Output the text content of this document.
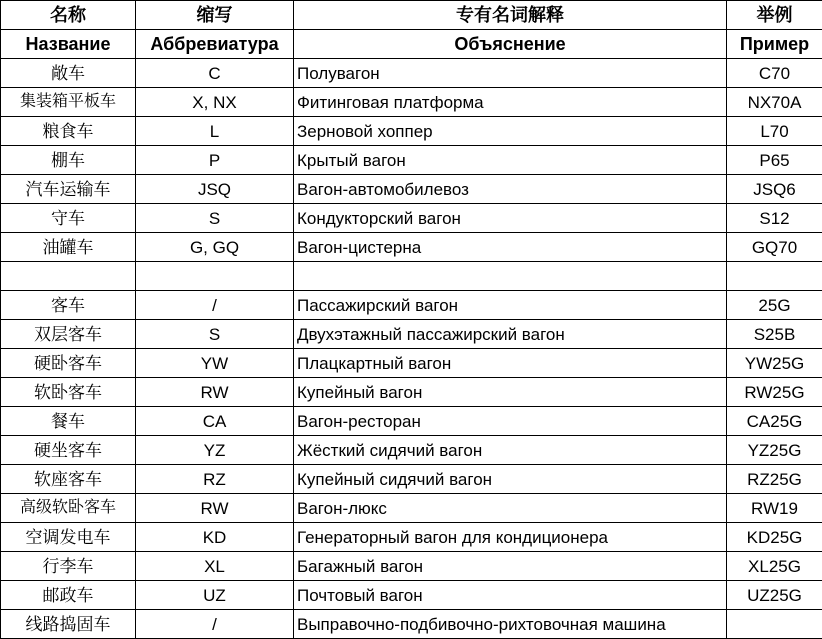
名称	缩写	专有名词解释	举例
Название	Аббревиатура	Объяснение	Пример
敞车	C	Полувагон	C70
集装箱平板车	X, NX	Фитинговая платформа	NX70A
粮食车	L	Зерновой хоппер	L70
棚车	P	Крытый вагон	P65
汽车运输车	JSQ	Вагон-автомобилевоз	JSQ6
守车	S	Кондукторский вагон	S12
油罐车	G, GQ	Вагон-цистерна	GQ70

客车	/	Пассажирский вагон	25G
双层客车	S	Двухэтажный пассажирский вагон	S25B
硬卧客车	YW	Плацкартный вагон	YW25G
软卧客车	RW	Купейный вагон	RW25G
餐车	CA	Вагон-ресторан	CA25G
硬坐客车	YZ	Жёсткий сидячий вагон	YZ25G
软座客车	RZ	Купейный сидячий вагон	RZ25G
高级软卧客车	RW	Вагон-люкс	RW19
空调发电车	KD	Генераторный вагон для кондиционера	KD25G
行李车	XL	Багажный вагон	XL25G
邮政车	UZ	Почтовый вагон	UZ25G
线路捣固车	/	Выправочно-подбивочно-рихтовочная машина	
